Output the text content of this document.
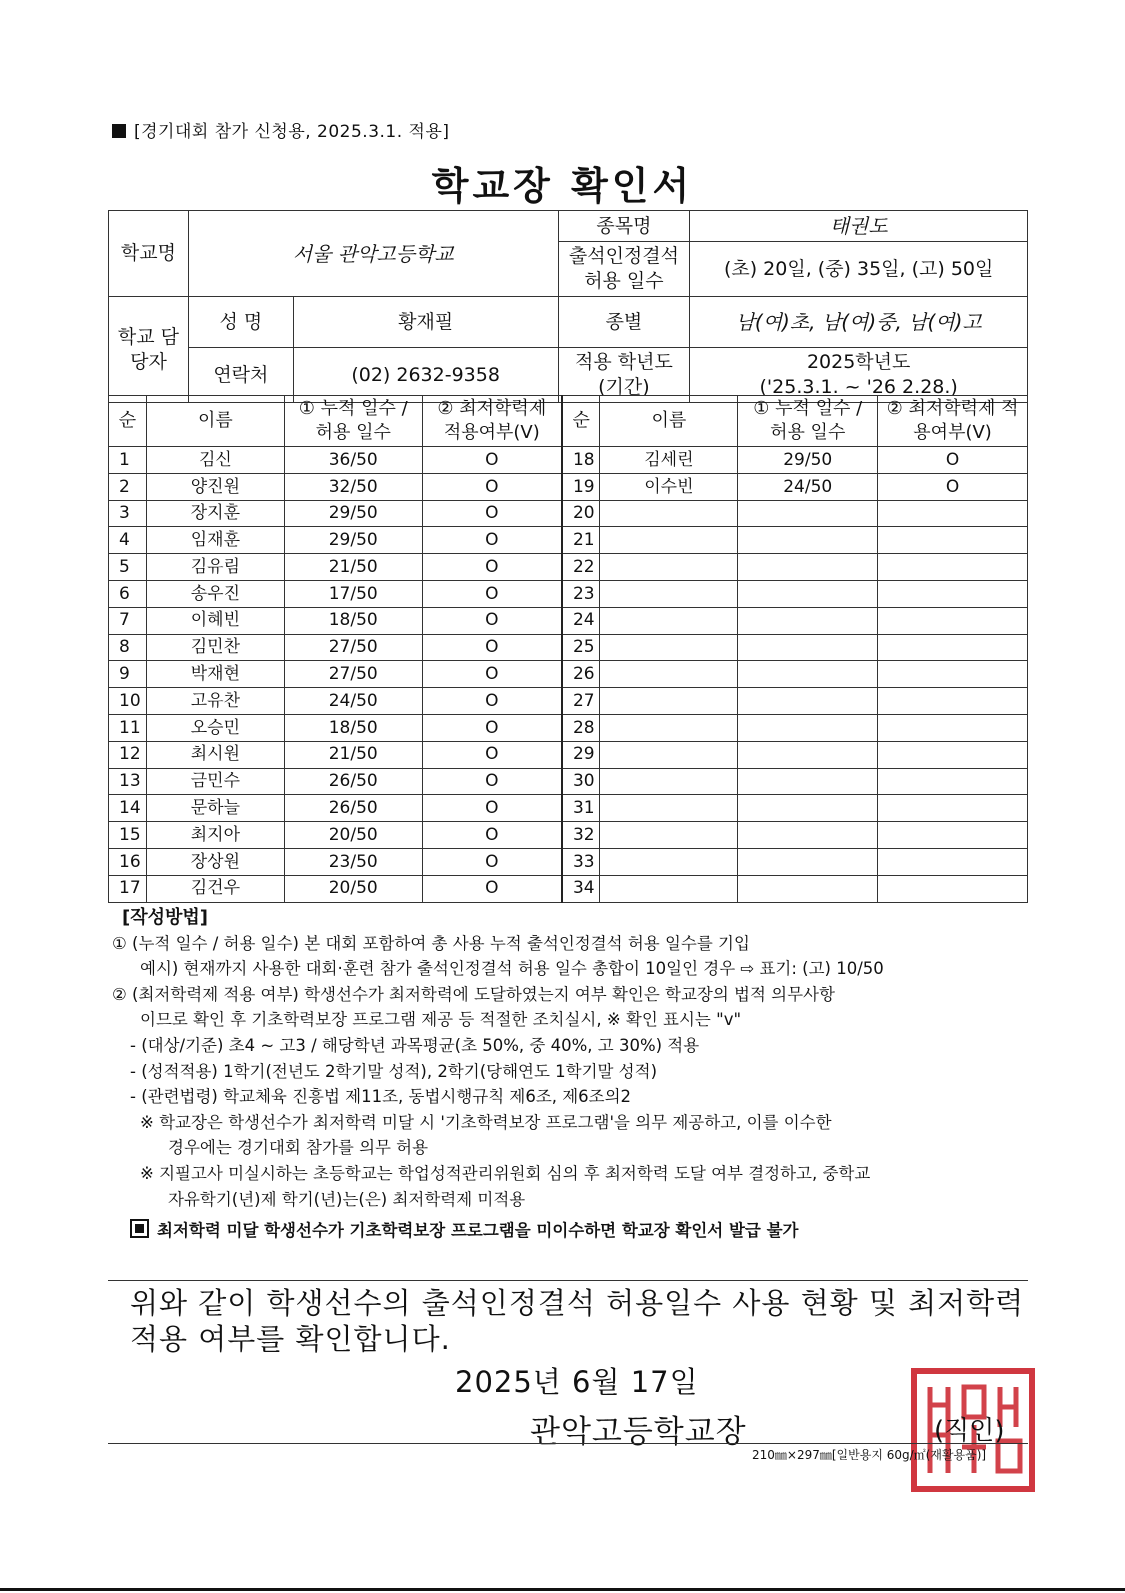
[경기대회 참가 신청용, 2025.3.1. 적용]
학교장 확인서
학교명	서울 관악고등학교		종목명	태권도
			출석인정결석 허용 일수	(초) 20일, (중) 35일, (고) 50일
학교 담당자	성 명	황재필	종별	남(여)초, 남(여)중, 남(여)고
	연락처	(02) 2632-9358	적용 학년도 (기간)	2025학년도
('25.3.1. ~ '26 2.28.)
순	이름	① 누적 일수 / 허용 일수	② 최저학력제 적용여부(V)	순	이름	① 누적 일수 / 허용 일수	② 최저학력제 적용여부(V)
1	김신	36/50	O	18	김세린	29/50	O
2	양진원	32/50	O	19	이수빈	24/50	O
3	장지훈	29/50	O	20			
4	임재훈	29/50	O	21			
5	김유림	21/50	O	22			
6	송우진	17/50	O	23			
7	이혜빈	18/50	O	24			
8	김민찬	27/50	O	25			
9	박재현	27/50	O	26			
10	고유찬	24/50	O	27			
11	오승민	18/50	O	28			
12	최시원	21/50	O	29			
13	금민수	26/50	O	30			
14	문하늘	26/50	O	31			
15	최지아	20/50	O	32			
16	장상원	23/50	O	33			
17	김건우	20/50	O	34			
[작성방법]
① (누적 일수 / 허용 일수) 본 대회 포함하여 총 사용 누적 출석인정결석 허용 일수를 기입
예시) 현재까지 사용한 대회·훈련 참가 출석인정결석 허용 일수 총합이 10일인 경우 ⇨ 표기: (고) 10/50
② (최저학력제 적용 여부) 학생선수가 최저학력에 도달하였는지 여부 확인은 학교장의 법적 의무사항
이므로 확인 후 기초학력보장 프로그램 제공 등 적절한 조치실시, ※ 확인 표시는 "v"
- (대상/기준) 초4 ~ 고3 / 해당학년 과목평균(초 50%, 중 40%, 고 30%) 적용
- (성적적용) 1학기(전년도 2학기말 성적), 2학기(당해연도 1학기말 성적)
- (관련법령) 학교체육 진흥법 제11조, 동법시행규칙 제6조, 제6조의2
※ 학교장은 학생선수가 최저학력 미달 시 '기초학력보장 프로그램'을 의무 제공하고, 이를 이수한
경우에는 경기대회 참가를 의무 허용
※ 지필고사 미실시하는 초등학교는 학업성적관리위원회 심의 후 최저학력 도달 여부 결정하고, 중학교
자유학기(년)제 학기(년)는(은) 최저학력제 미적용
최저학력 미달 학생선수가 기초학력보장 프로그램을 미이수하면 학교장 확인서 발급 불가
위와 같이 학생선수의 출석인정결석 허용일수 사용 현황 및 최저학력
적용 여부를 확인합니다.
2025년 6월 17일
관악고등학교장	(직인)
210㎜×297㎜[일반용지 60g/㎡(재활용품)]
